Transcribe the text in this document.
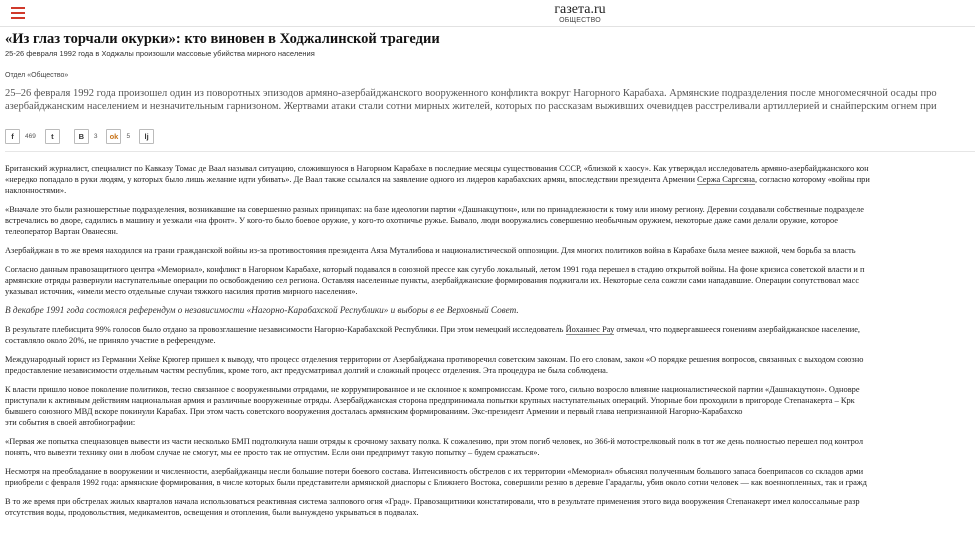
газета.ru
ОБЩЕСТВО
«Из глаз торчали окурки»: кто виновен в Ходжалинской трагедии
25-26 февраля 1992 года в Ходжалы произошли массовые убийства мирного населения
Отдел «Общество»
25–26 февраля 1992 года произошел один из поворотных эпизодов армяно-азербайджанского вооруженного конфликта вокруг Нагорного Карабаха. Армянские подразделения после многомесячной осады про
азербайджанским населением и незначительным гарнизоном. Жертвами атаки стали сотни мирных жителей, которых по рассказам выживших очевидцев расстреливали артиллерией и снайперским огнем при
f	469	t	B	3	ok	5	lj

Британский журналист, специалист по Кавказу Томас де Ваал называл ситуацию, сложившуюся в Нагорном Карабахе в последние месяцы существования СССР, «близкой к хаосу». Как утверждал исследователь армяно-азербайджанского кон

«нередко попадало в руки людям, у которых было лишь желание идти убивать». Де Ваал также ссылался на заявление одного из лидеров карабахских армян, впоследствии президента Армении Сержа Саргсяна, согласно которому «войны при

наклонностями».

«Вначале это были разношерстные подразделения, возникавшие на совершенно разных принципах: на базе идеологии партии «Дашнакцутюн», или по принадлежности к тому или иному региону. Деревни создавали собственные подразделе

встречались во дворе, садились в машину и уезжали «на фронт». У кого-то было боевое оружие, у кого-то охотничье ружье. Бывало, люди вооружались совершенно необычным оружием, некоторые даже сами делали оружие, которое

телеоператор Вартан Ованесян.

Азербайджан в то же время находился на грани гражданской войны из-за противостояния президента Аяза Муталибова и националистической оппозиции. Для многих политиков война в Карабахе была менее важной, чем борьба за власть

Согласно данным правозащитного центра «Мемориал», конфликт в Нагорном Карабахе, который подавался в союзной прессе как сугубо локальный, летом 1991 года перешел в стадию открытой войны. На фоне кризиса советской власти и п

армянские отряды развернули наступательные операции по освобождению сел региона. Оставляя населенные пункты, азербайджанские формирования поджигали их. Некоторые села сожгли сами нападавшие. Операции сопутствовал масс

указывал источник, «имели место отдельные случаи тяжкого насилия против мирного населения».

В декабре 1991 года состоялся референдум о независимости «Нагорно-Карабахской Республики» и выборы в ее Верховный Совет.

В результате плебисцита 99% голосов было отдано за провозглашение независимости Нагорно-Карабахской Республики. При этом немецкий исследователь Йоханнес Рау отмечал, что подвергавшееся гонениям азербайджанское население,

составляло около 20%, не приняло участие в референдуме.

Международный юрист из Германии Хейке Крюгер пришел к выводу, что процесс отделения территории от Азербайджана противоречил советским законам. По его словам, закон «О порядке решения вопросов, связанных с выходом союзно

предоставление независимости отдельным частям республик, кроме того, акт предусматривал долгий и сложный процесс отделения. Эта процедура не была соблюдена.

К власти пришло новое поколение политиков, тесно связанное с вооруженными отрядами, не коррумпированное и не склонное к компромиссам. Кроме того, сильно возросло влияние националистической партии «Дашнакцутюн». Одновре

приступали к активным действиям национальная армия и различные вооруженные отряды. Азербайджанская сторона предпринимала попытки крупных наступательных операций. Упорные бои проходили в пригороде Степанакерта – Крк

бывшего союзного МВД вскоре покинули Карабах. При этом часть советского вооружения досталась армянским формированиям. Экс-президент Армении и первый глава непризнанной Нагорно-Карабахско

эти события в своей автобиографии:

«Первая же попытка спецназовцев вывести из части несколько БМП подтолкнула наши отряды к срочному захвату полка. К сожалению, при этом погиб человек, но 366-й мотострелковый полк в тот же день полностью перешел под контрол

понять, что вывезти технику они в любом случае не смогут, мы ее просто так не отпустим. Если они предпримут такую попытку – будем сражаться».

Несмотря на преобладание в вооружении и численности, азербайджанцы несли большие потери боевого состава. Интенсивность обстрелов с их территории «Мемориал» объяснял полученным большого запаса боеприпасов со складов арми

приобрели с февраля 1992 года: армянские формирования, в числе которых были представители армянской диаспоры с Ближнего Востока, совершили резню в деревне Гарадаглы, убив около сотни человек — как военнопленных, так и гражд

В то же время при обстрелах жилых кварталов начала использоваться реактивная система залпового огня «Град». Правозащитники констатировали, что в результате применения этого вида вооружения Степанакерт имел колоссальные разр

отсутствия воды, продовольствия, медикаментов, освещения и отопления, были вынуждено укрываться в подвалах.
